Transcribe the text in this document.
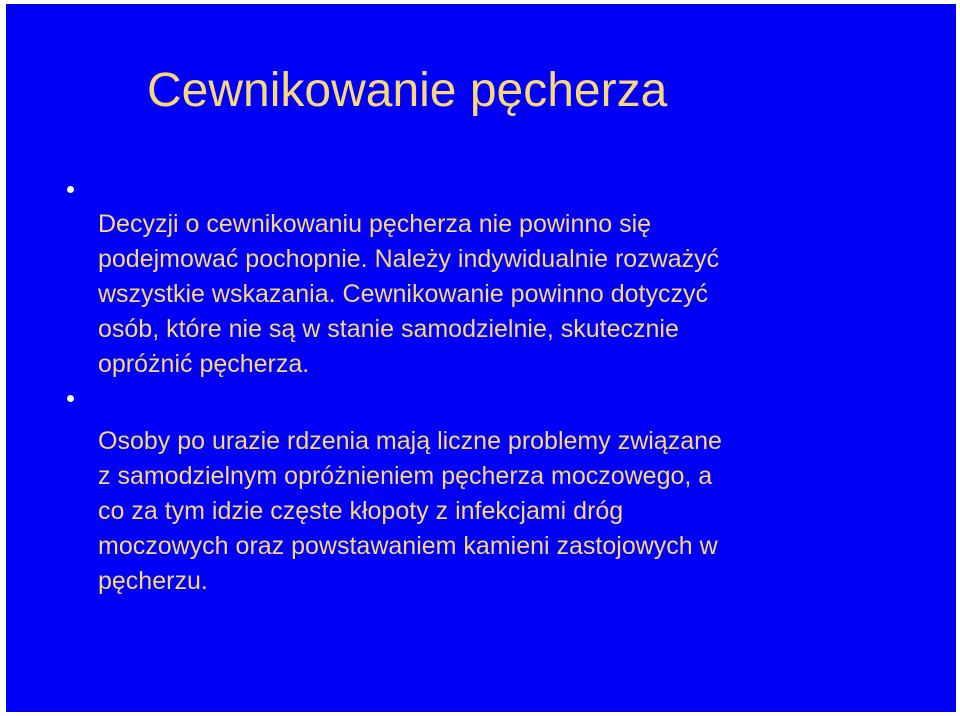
Cewnikowanie pęcherza

Decyzji o cewnikowaniu pęcherza nie powinno się
podejmować pochopnie. Należy indywidualnie rozważyć
wszystkie wskazania. Cewnikowanie powinno dotyczyć
osób, które nie są w stanie samodzielnie, skutecznie
opróżnić pęcherza.

Osoby po urazie rdzenia mają liczne problemy związane
z samodzielnym opróżnieniem pęcherza moczowego, a
co za tym idzie częste kłopoty z infekcjami dróg
moczowych oraz powstawaniem kamieni zastojowych w
pęcherzu.
